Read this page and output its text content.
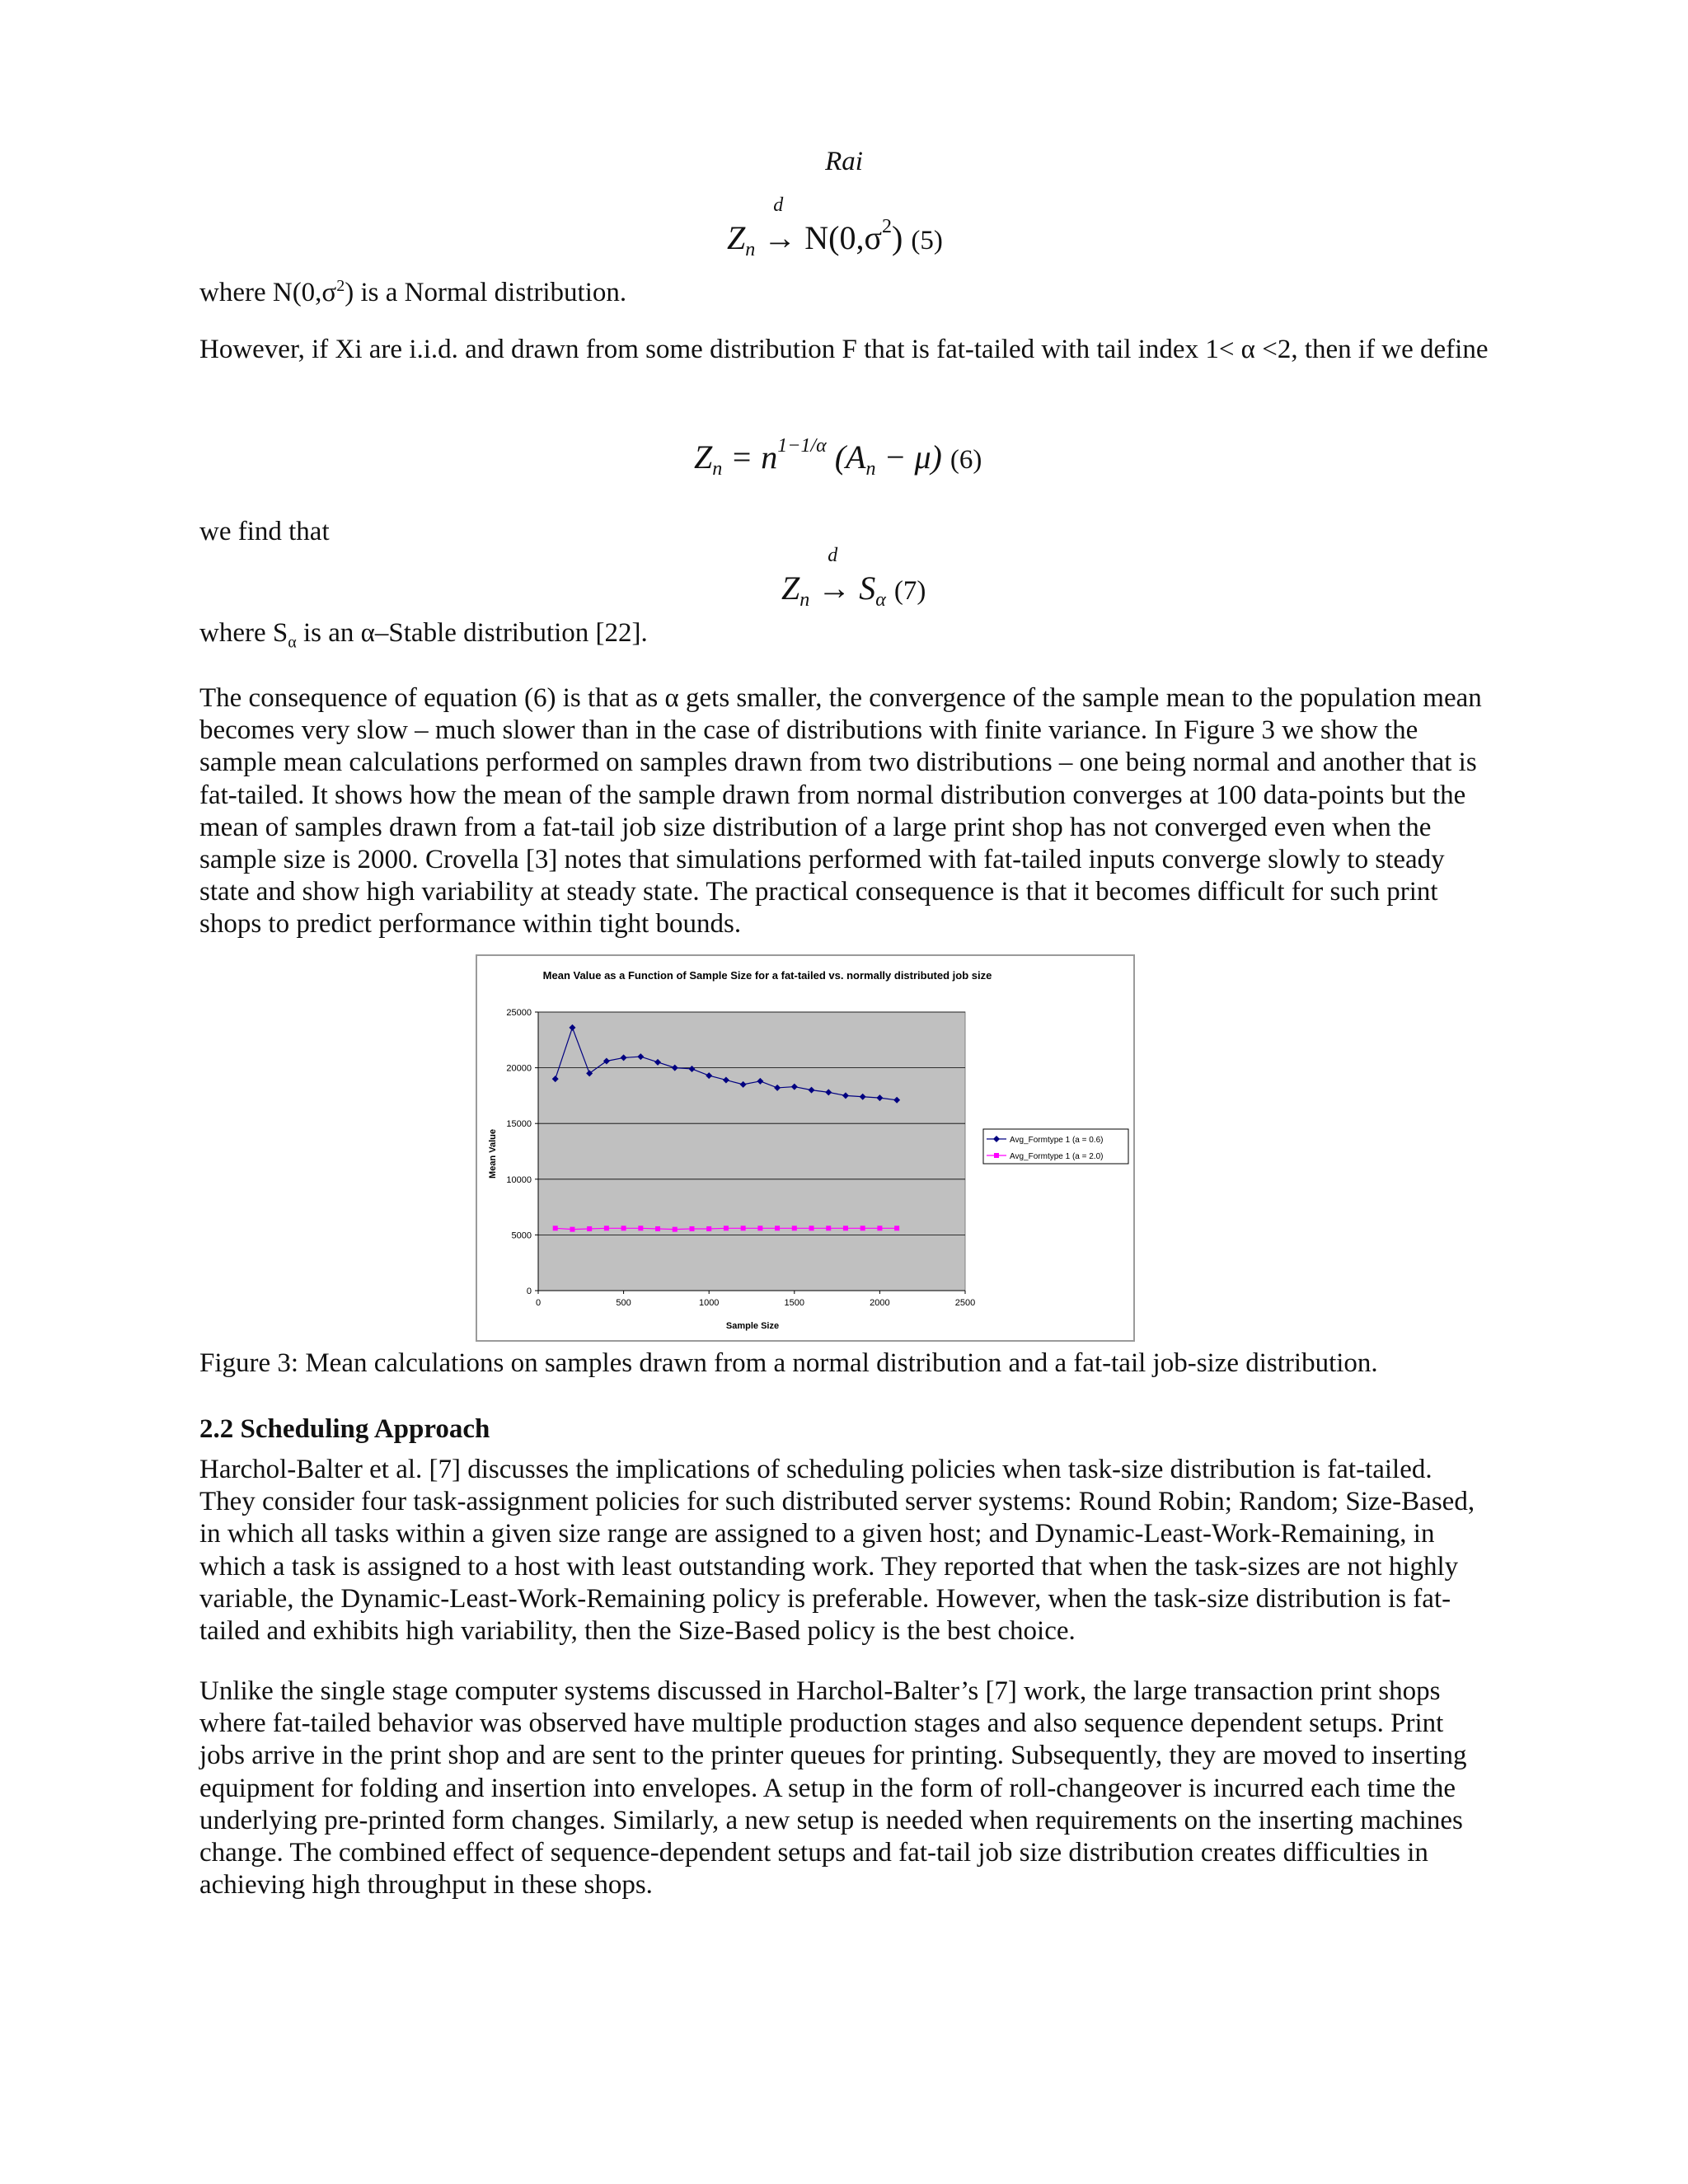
Rai
$Z_n$ →
d
$N(0,\sigma^2)$ (5)
where $N(0,\sigma^2)$ is a Normal distribution.
However, if Xi are i.i.d. and drawn from some distribution F that is fat-tailed with tail index 1< α <2, then if we define
$Z_n = n^{1-1/\alpha}$ $(A_n - \mu)$ (6)
we find that
$Z_n$ →
d
$S_\alpha$ (7)
where $S_\alpha$ is an α–Stable distribution [22].
The consequence of equation (6) is that as α gets smaller, the convergence of the sample mean to the population mean becomes very slow – much slower than in the case of distributions with finite variance. In Figure 3 we show the sample mean calculations performed on samples drawn from two distributions – one being normal and another that is fat-tailed. It shows how the mean of the sample drawn from normal distribution converges at 100 data-points but the mean of samples drawn from a fat-tail job size distribution of a large print shop has not converged even when the sample size is 2000. Crovella [3] notes that simulations performed with fat-tailed inputs converge slowly to steady state and show high variability at steady state. The practical consequence is that it becomes difficult for such print shops to predict performance within tight bounds.
Mean Value as a Function of Sample Size for a fat-tailed vs. normally distributed job size
Mean Value
Sample Size
0
5000
10000
15000
20000
25000
0	500	1000	1500	2000	2500
Avg_Formtype 1 (a = 0.6)
Avg_Formtype 1 (a = 2.0)
Figure 3: Mean calculations on samples drawn from a normal distribution and a fat-tail job-size distribution.
2.2 Scheduling Approach
Harchol-Balter et al. [7] discusses the implications of scheduling policies when task-size distribution is fat-tailed. They consider four task-assignment policies for such distributed server systems: Round Robin; Random; Size-Based, in which all tasks within a given size range are assigned to a given host; and Dynamic-Least-Work-Remaining, in which a task is assigned to a host with least outstanding work. They reported that when the task-sizes are not highly variable, the Dynamic-Least-Work-Remaining policy is preferable. However, when the task-size distribution is fat-tailed and exhibits high variability, then the Size-Based policy is the best choice.
Unlike the single stage computer systems discussed in Harchol-Balter’s [7] work, the large transaction print shops where fat-tailed behavior was observed have multiple production stages and also sequence dependent setups. Print jobs arrive in the print shop and are sent to the printer queues for printing. Subsequently, they are moved to inserting equipment for folding and insertion into envelopes. A setup in the form of roll-changeover is incurred each time the underlying pre-printed form changes. Similarly, a new setup is needed when requirements on the inserting machines change. The combined effect of sequence-dependent setups and fat-tail job size distribution creates difficulties in achieving high throughput in these shops.
